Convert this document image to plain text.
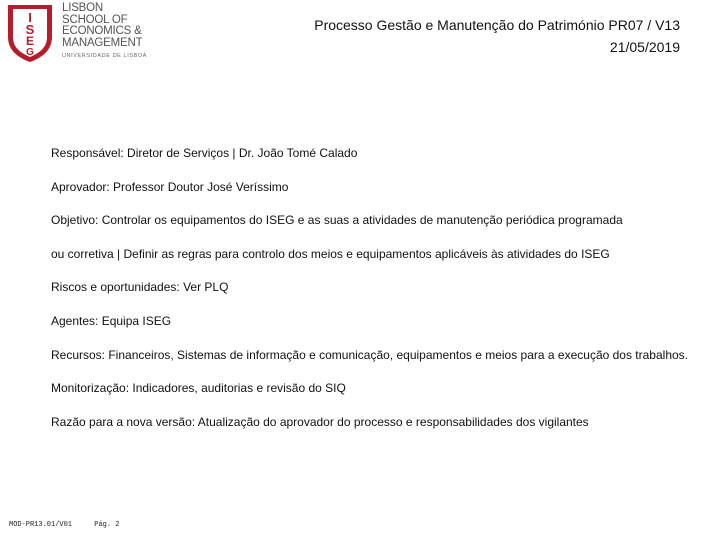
I
S
E
G
LISBON
SCHOOL OF
ECONOMICS &
MANAGEMENT
UNIVERSIDADE DE LISBOA
Processo Gestão e Manutenção do Património PR07 / V13
21/05/2019
Responsável: Diretor de Serviços | Dr. João Tomé Calado
Aprovador: Professor Doutor José Veríssimo
Objetivo: Controlar os equipamentos do ISEG e as suas a atividades de manutenção periódica programada
ou corretiva | Definir as regras para controlo dos meios e equipamentos aplicáveis às atividades do ISEG
Riscos e oportunidades: Ver PLQ
Agentes: Equipa ISEG
Recursos: Financeiros, Sistemas de informação e comunicação, equipamentos e meios para a execução dos trabalhos.
Monitorização: Indicadores, auditorias e revisão do SIQ
Razão para a nova versão: Atualização do aprovador do processo e responsabilidades dos vigilantes
MOD-PR13.01/V01	Pág. 2
